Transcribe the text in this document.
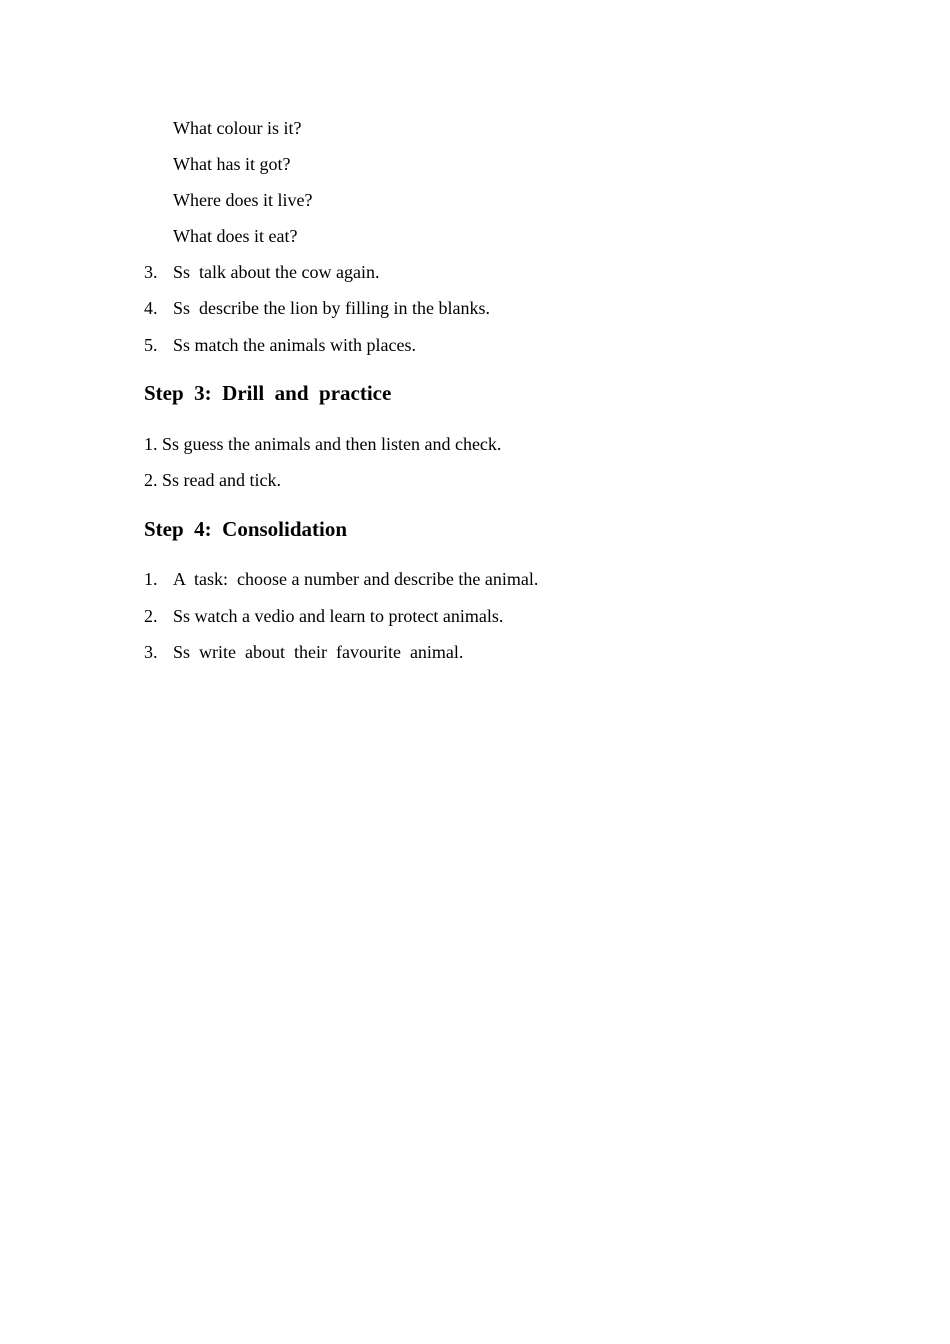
What colour is it?
What has it got?
Where does it live?
What does it eat?
3. Ss  talk about the cow again.
4. Ss  describe the lion by filling in the blanks.
5. Ss match the animals with places.
Step  3:  Drill  and  practice
1. Ss guess the animals and then listen and check.
2. Ss read and tick.
Step  4:  Consolidation
1. A  task:  choose a number and describe the animal.
2. Ss watch a vedio and learn to protect animals.
3. Ss  write  about  their  favourite  animal.
